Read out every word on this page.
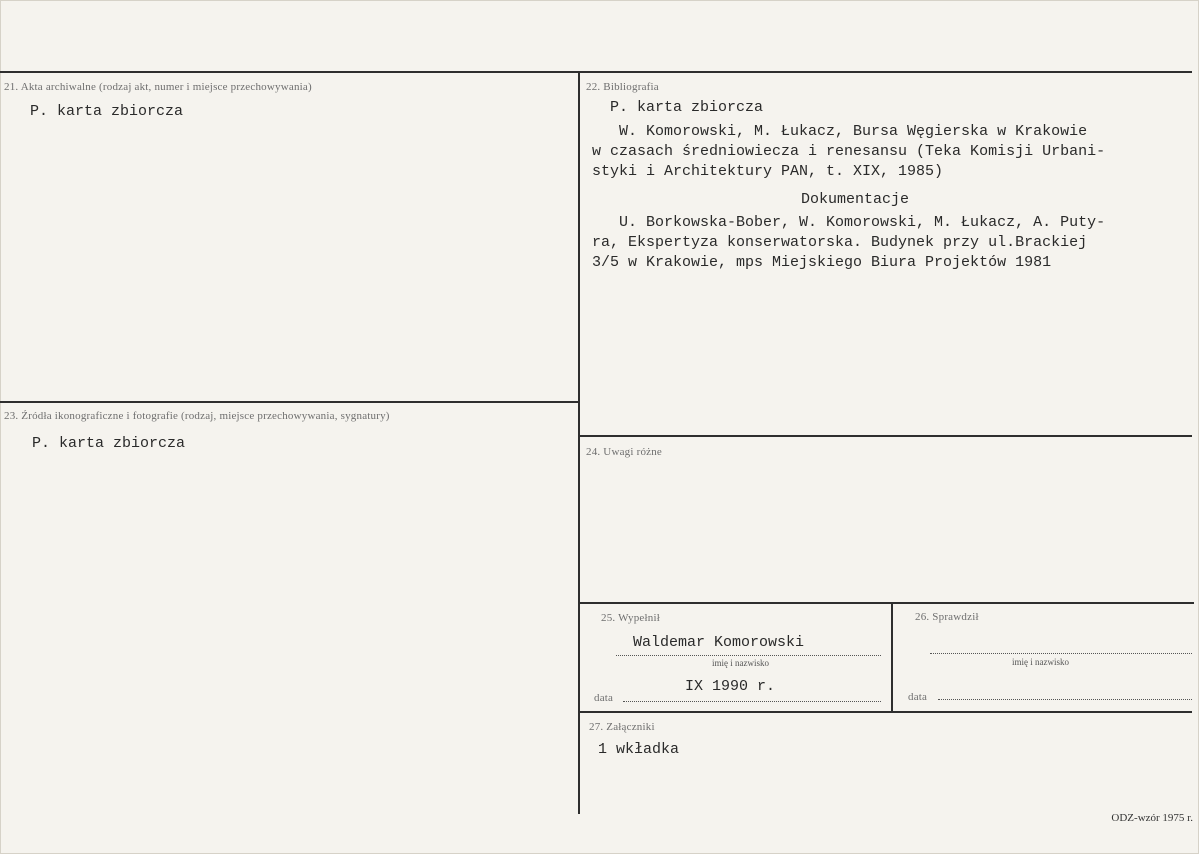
21. Akta archiwalne (rodzaj akt, numer i miejsce przechowywania)
P. karta zbiorcza
22. Bibliografia
P. karta zbiorcza
W. Komorowski, M. Łukacz, Bursa Węgierska w Krakowie
w czasach średniowiecza i renesansu (Teka Komisji Urbani-
styki i Architektury PAN, t. XIX, 1985)
Dokumentacje
U. Borkowska-Bober, W. Komorowski, M. Łukacz, A. Puty-
ra, Ekspertyza konserwatorska. Budynek przy ul.Brackiej
3/5 w Krakowie, mps Miejskiego Biura Projektów 1981
23. Źródła ikonograficzne i fotografie (rodzaj, miejsce przechowywania, sygnatury)
P. karta zbiorcza	24. Uwagi różne
25. Wypełnił
Waldemar Komorowski
imię i nazwisko
IX 1990 r.
data
26. Sprawdził
imię i nazwisko
data
27. Załączniki
1 wkładka
ODZ-wzór 1975 r.
